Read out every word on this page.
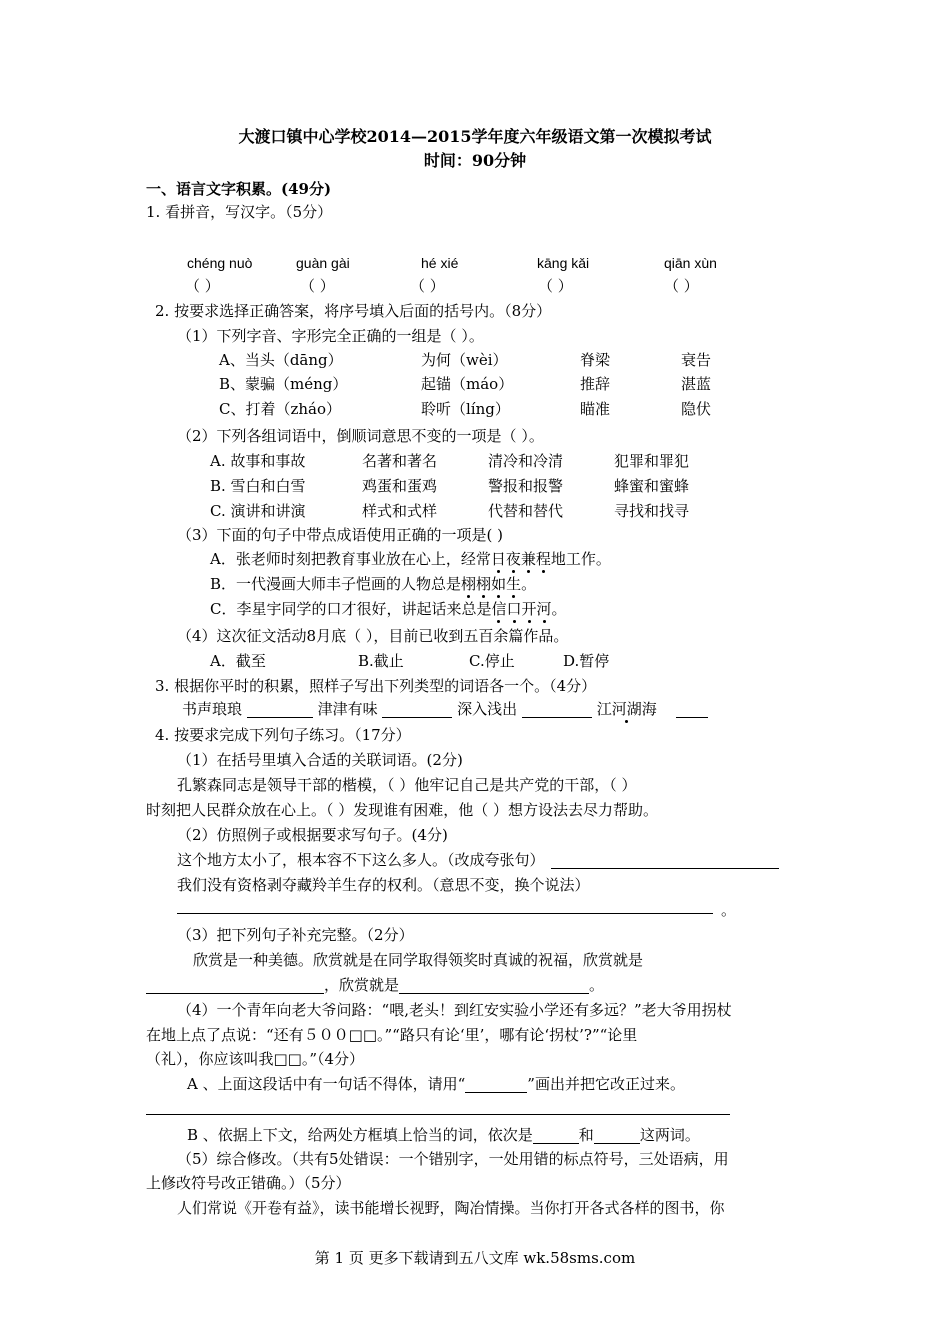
大渡口镇中心学校2014—2015学年度六年级语文第一次模拟考试
时间：90分钟
一、语言文字积累。(49分)
1. 看拼音，写汉字。（5分）
chéng nuò	guàn gài	hé xié	kāng kǎi	qiān xùn
（ ）	（ ）	（ ）	（ ）	（ ）
2. 按要求选择正确答案，将序号填入后面的括号内。（8分）
（1）下列字音、字形完全正确的一组是（ ）。
A、当头（dāng）	为何（wèi）	脊梁	衰告
B、蒙骗（méng）	起锚（máo）	推辞	湛蓝
C、打着（zháo）	聆听（líng）	瞄准	隐伏
（2）下列各组词语中，倒顺词意思不变的一项是（ ）。
A. 故事和事故	名著和著名	清冷和冷清	犯罪和罪犯
B. 雪白和白雪	鸡蛋和蛋鸡	警报和报警	蜂蜜和蜜蜂
C. 演讲和讲演	样式和式样	代替和替代	寻找和找寻
（3）下面的句子中带点成语使用正确的一项是( )
A．张老师时刻把教育事业放在心上，经常日夜兼程地工作。
B．一代漫画大师丰子恺画的人物总是栩栩如生。
C．李星宇同学的口才很好，讲起话来总是信口开河。
（4）这次征文活动8月底（ ），目前已收到五百余篇作品。
A．截至	B.截止	C.停止	D.暂停
3. 根据你平时的积累，照样子写出下列类型的词语各一个。（4分）
书声琅琅	津津有味	深入浅出	江河湖海
4. 按要求完成下列句子练习。（17分）
（1）在括号里填入合适的关联词语。(2分)
孔繁森同志是领导干部的楷模，（ ）他牢记自己是共产党的干部，（ ）
时刻把人民群众放在心上。（ ）发现谁有困难，他（ ）想方设法去尽力帮助。
（2）仿照例子或根据要求写句子。(4分)
这个地方太小了，根本容不下这么多人。（改成夸张句）
我们没有资格剥夺藏羚羊生存的权利。（意思不变，换个说法）
。
（3）把下列句子补充完整。（2分）
欣赏是一种美德。欣赏就是在同学取得领奖时真诚的祝福，欣赏就是
，欣赏就是	。
（4）一个青年向老大爷问路：“喂,老头！到红安实验小学还有多远？”老大爷用拐杖
在地上点了点说：“还有５００□□。”“路只有论‘里’，哪有论‘拐杖’?”“论里
（礼），你应该叫我□□。”（4分）
A 、上面这段话中有一句话不得体，请用“	”画出并把它改正过来。
B 、依据上下文，给两处方框填上恰当的词，依次是	和	这两词。
（5）综合修改。（共有5处错误：一个错别字，一处用错的标点符号，三处语病，用
上修改符号改正错确。）（5分）
人们常说《开卷有益》，读书能增长视野，陶冶情操。当你打开各式各样的图书，你
第 1 页 更多下载请到五八文库 wk.58sms.com
